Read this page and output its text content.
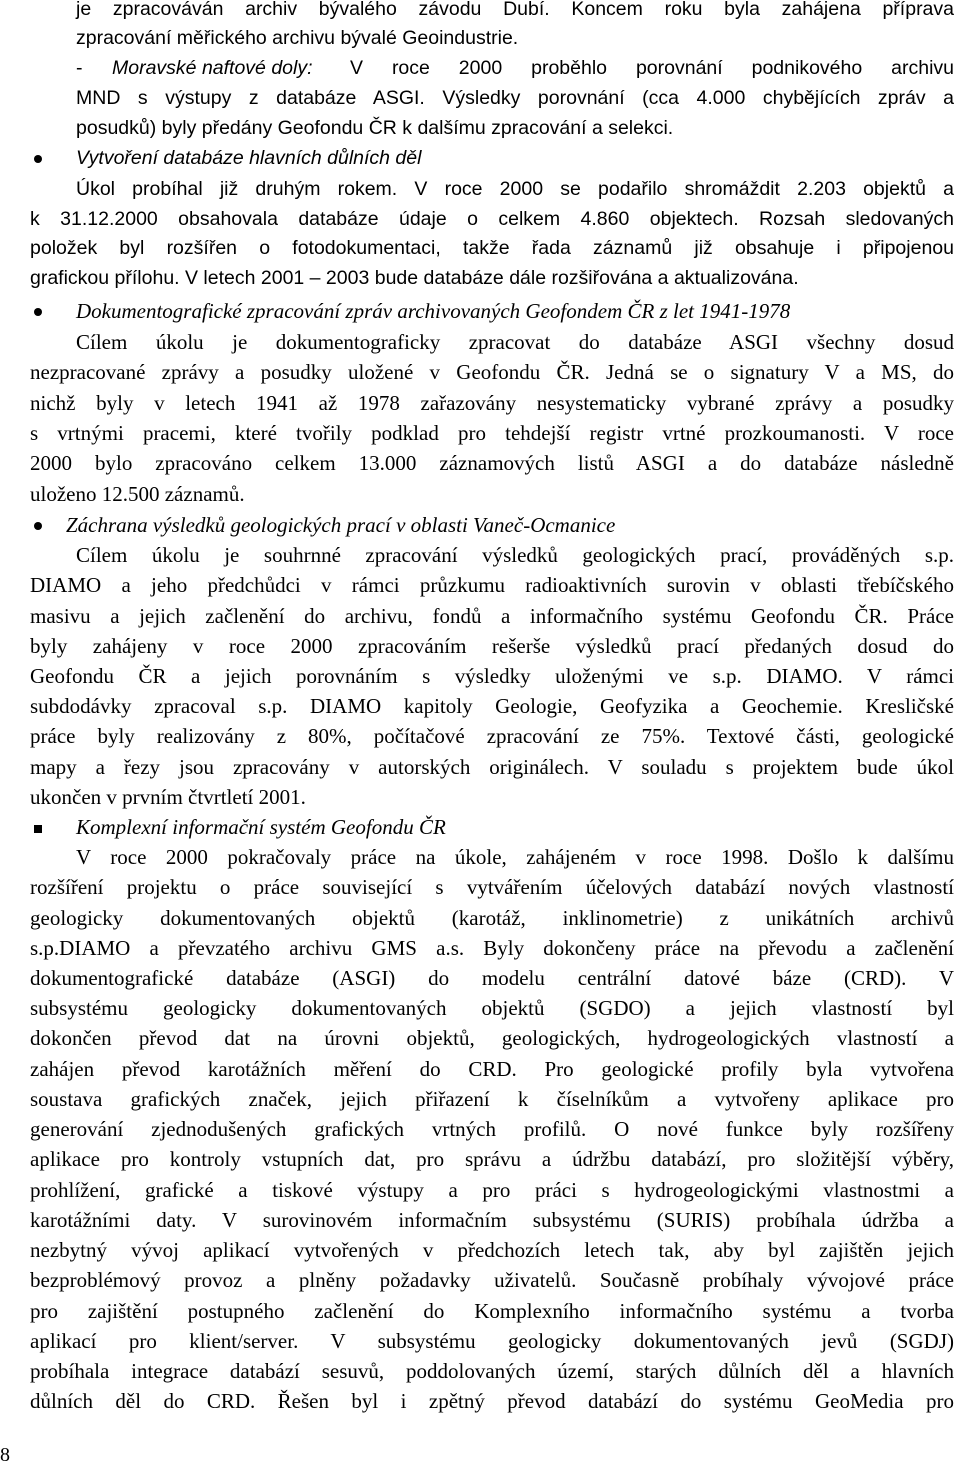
je zpracováván archiv bývalého závodu Dubí. Koncem roku byla zahájena příprava
zpracování měřického archivu bývalé Geoindustrie.
- Moravské naftové doly: V roce 2000 proběhlo porovnání podnikového archivu
MND s výstupy z databáze ASGI. Výsledky porovnání (cca 4.000 chybějících zpráv a
posudků) byly předány Geofondu ČR k dalšímu zpracování a selekci.
Vytvoření databáze hlavních důlních děl
Úkol probíhal již druhým rokem. V roce 2000 se podařilo shromáždit 2.203 objektů a
k 31.12.2000 obsahovala databáze údaje o celkem 4.860 objektech. Rozsah sledovaných
položek byl rozšířen o fotodokumentaci, takže řada záznamů již obsahuje i připojenou
grafickou přílohu. V letech 2001 – 2003 bude databáze dále rozšiřována a aktualizována.
Dokumentografické zpracování zpráv archivovaných Geofondem ČR z let 1941-1978
Cílem úkolu je dokumentograficky zpracovat do databáze ASGI všechny dosud
nezpracované zprávy a posudky uložené v Geofondu ČR. Jedná se o signatury V a MS, do
nichž byly v letech 1941 až 1978 zařazovány nesystematicky vybrané zprávy a posudky
s vrtnými pracemi, které tvořily podklad pro tehdejší registr vrtné prozkoumanosti. V roce
2000 bylo zpracováno celkem 13.000 záznamových listů ASGI a do databáze následně
uloženo 12.500 záznamů.
Záchrana výsledků geologických prací v oblasti Vaneč-Ocmanice
Cílem úkolu je souhrnné zpracování výsledků geologických prací, prováděných s.p.
DIAMO a jeho předchůdci v rámci průzkumu radioaktivních surovin v oblasti třebíčského
masivu a jejich začlenění do archivu, fondů a informačního systému Geofondu ČR. Práce
byly zahájeny v roce 2000 zpracováním rešerše výsledků prací předaných dosud do
Geofondu ČR a jejich porovnáním s výsledky uloženými ve s.p. DIAMO. V rámci
subdodávky zpracoval s.p. DIAMO kapitoly Geologie, Geofyzika a Geochemie. Kresličské
práce byly realizovány z 80%, počítačové zpracování ze 75%. Textové části, geologické
mapy a řezy jsou zpracovány v autorských originálech. V souladu s projektem bude úkol
ukončen v prvním čtvrtletí 2001.
Komplexní informační systém Geofondu ČR
V roce 2000 pokračovaly práce na úkole, zahájeném v roce 1998. Došlo k dalšímu
rozšíření projektu o práce související s vytvářením účelových databází nových vlastností
geologicky dokumentovaných objektů (karotáž, inklinometrie) z unikátních archivů
s.p.DIAMO a převzatého archivu GMS a.s. Byly dokončeny práce na převodu a začlenění
dokumentografické databáze (ASGI) do modelu centrální datové báze (CRD). V
subsystému geologicky dokumentovaných objektů (SGDO) a jejich vlastností byl
dokončen převod dat na úrovni objektů, geologických, hydrogeologických vlastností a
zahájen převod karotážních měření do CRD. Pro geologické profily byla vytvořena
soustava grafických značek, jejich přiřazení k číselníkům a vytvořeny aplikace pro
generování zjednodušených grafických vrtných profilů. O nové funkce byly rozšířeny
aplikace pro kontroly vstupních dat, pro správu a údržbu databází, pro složitější výběry,
prohlížení, grafické a tiskové výstupy a pro práci s hydrogeologickými vlastnostmi a
karotážními daty. V surovinovém informačním subsystému (SURIS) probíhala údržba a
nezbytný vývoj aplikací vytvořených v předchozích letech tak, aby byl zajištěn jejich
bezproblémový provoz a plněny požadavky uživatelů. Současně probíhaly vývojové práce
pro zajištění postupného začlenění do Komplexního informačního systému a tvorba
aplikací pro klient/server. V subsystému geologicky dokumentovaných jevů (SGDJ)
probíhala integrace databází sesuvů, poddolovaných území, starých důlních děl a hlavních
důlních děl do CRD. Řešen byl i zpětný převod databází do systému GeoMedia pro
8
